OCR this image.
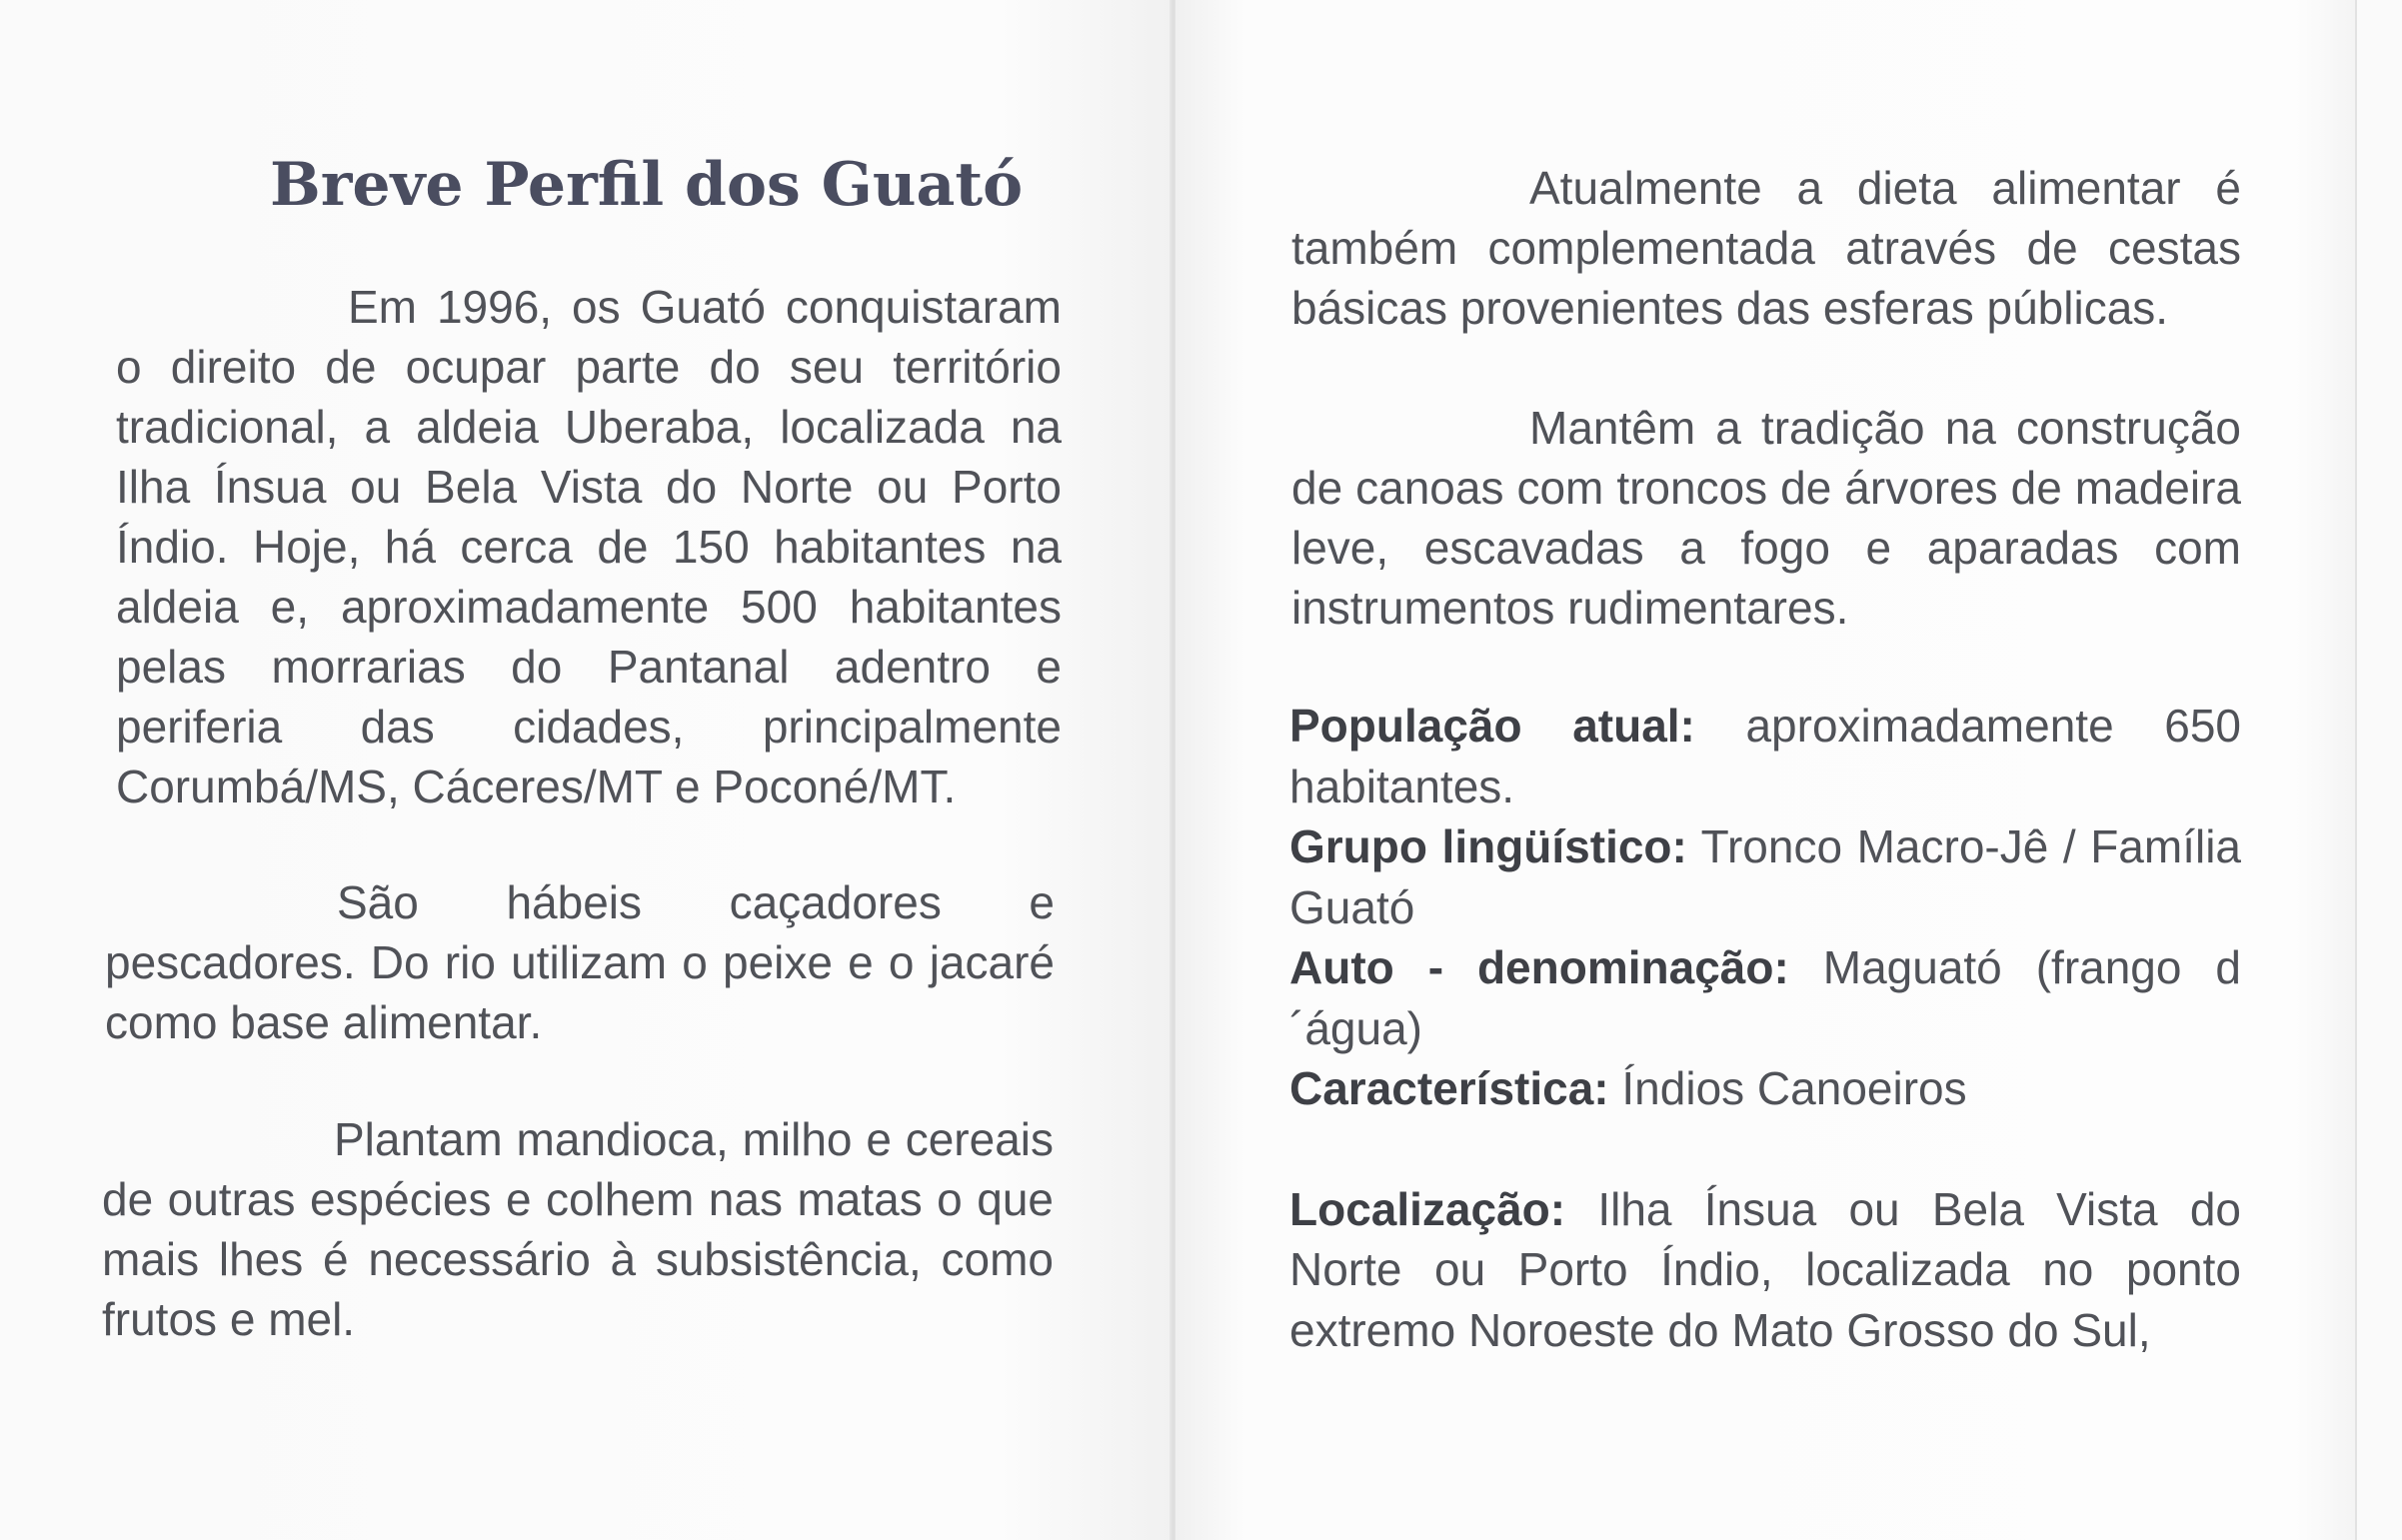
Breve Perfil dos Guató

Em 1996, os Guató conquistaram o direito de ocupar parte do seu território tradicional, a aldeia Uberaba, localizada na Ilha Ínsua ou Bela Vista do Norte ou Porto Índio. Hoje, há cerca de 150 habitantes na aldeia e, aproximadamente 500 habitantes pelas morrarias do Pantanal adentro e periferia das cidades, principalmente Corumbá/MS, Cáceres/MT e Poconé/MT.

São hábeis caçadores e pescadores. Do rio utilizam o peixe e o jacaré como base alimentar.

Plantam mandioca, milho e cereais de outras espécies e colhem nas matas o que mais lhes é necessário à subsistência, como frutos e mel.

Atualmente a dieta alimentar é também complementada através de cestas básicas provenientes das esferas públicas.

Mantêm a tradição na construção de canoas com troncos de árvores de madeira leve, escavadas a fogo e aparadas com instrumentos rudimentares.

População atual: aproximadamente 650 habitantes.

Grupo lingüístico: Tronco Macro-Jê / Família Guató

Auto - denominação: Maguató (frango d´água)

Característica: Índios Canoeiros

Localização: Ilha Ínsua ou Bela Vista do Norte ou Porto Índio, localizada no ponto extremo Noroeste do Mato Grosso do Sul,
